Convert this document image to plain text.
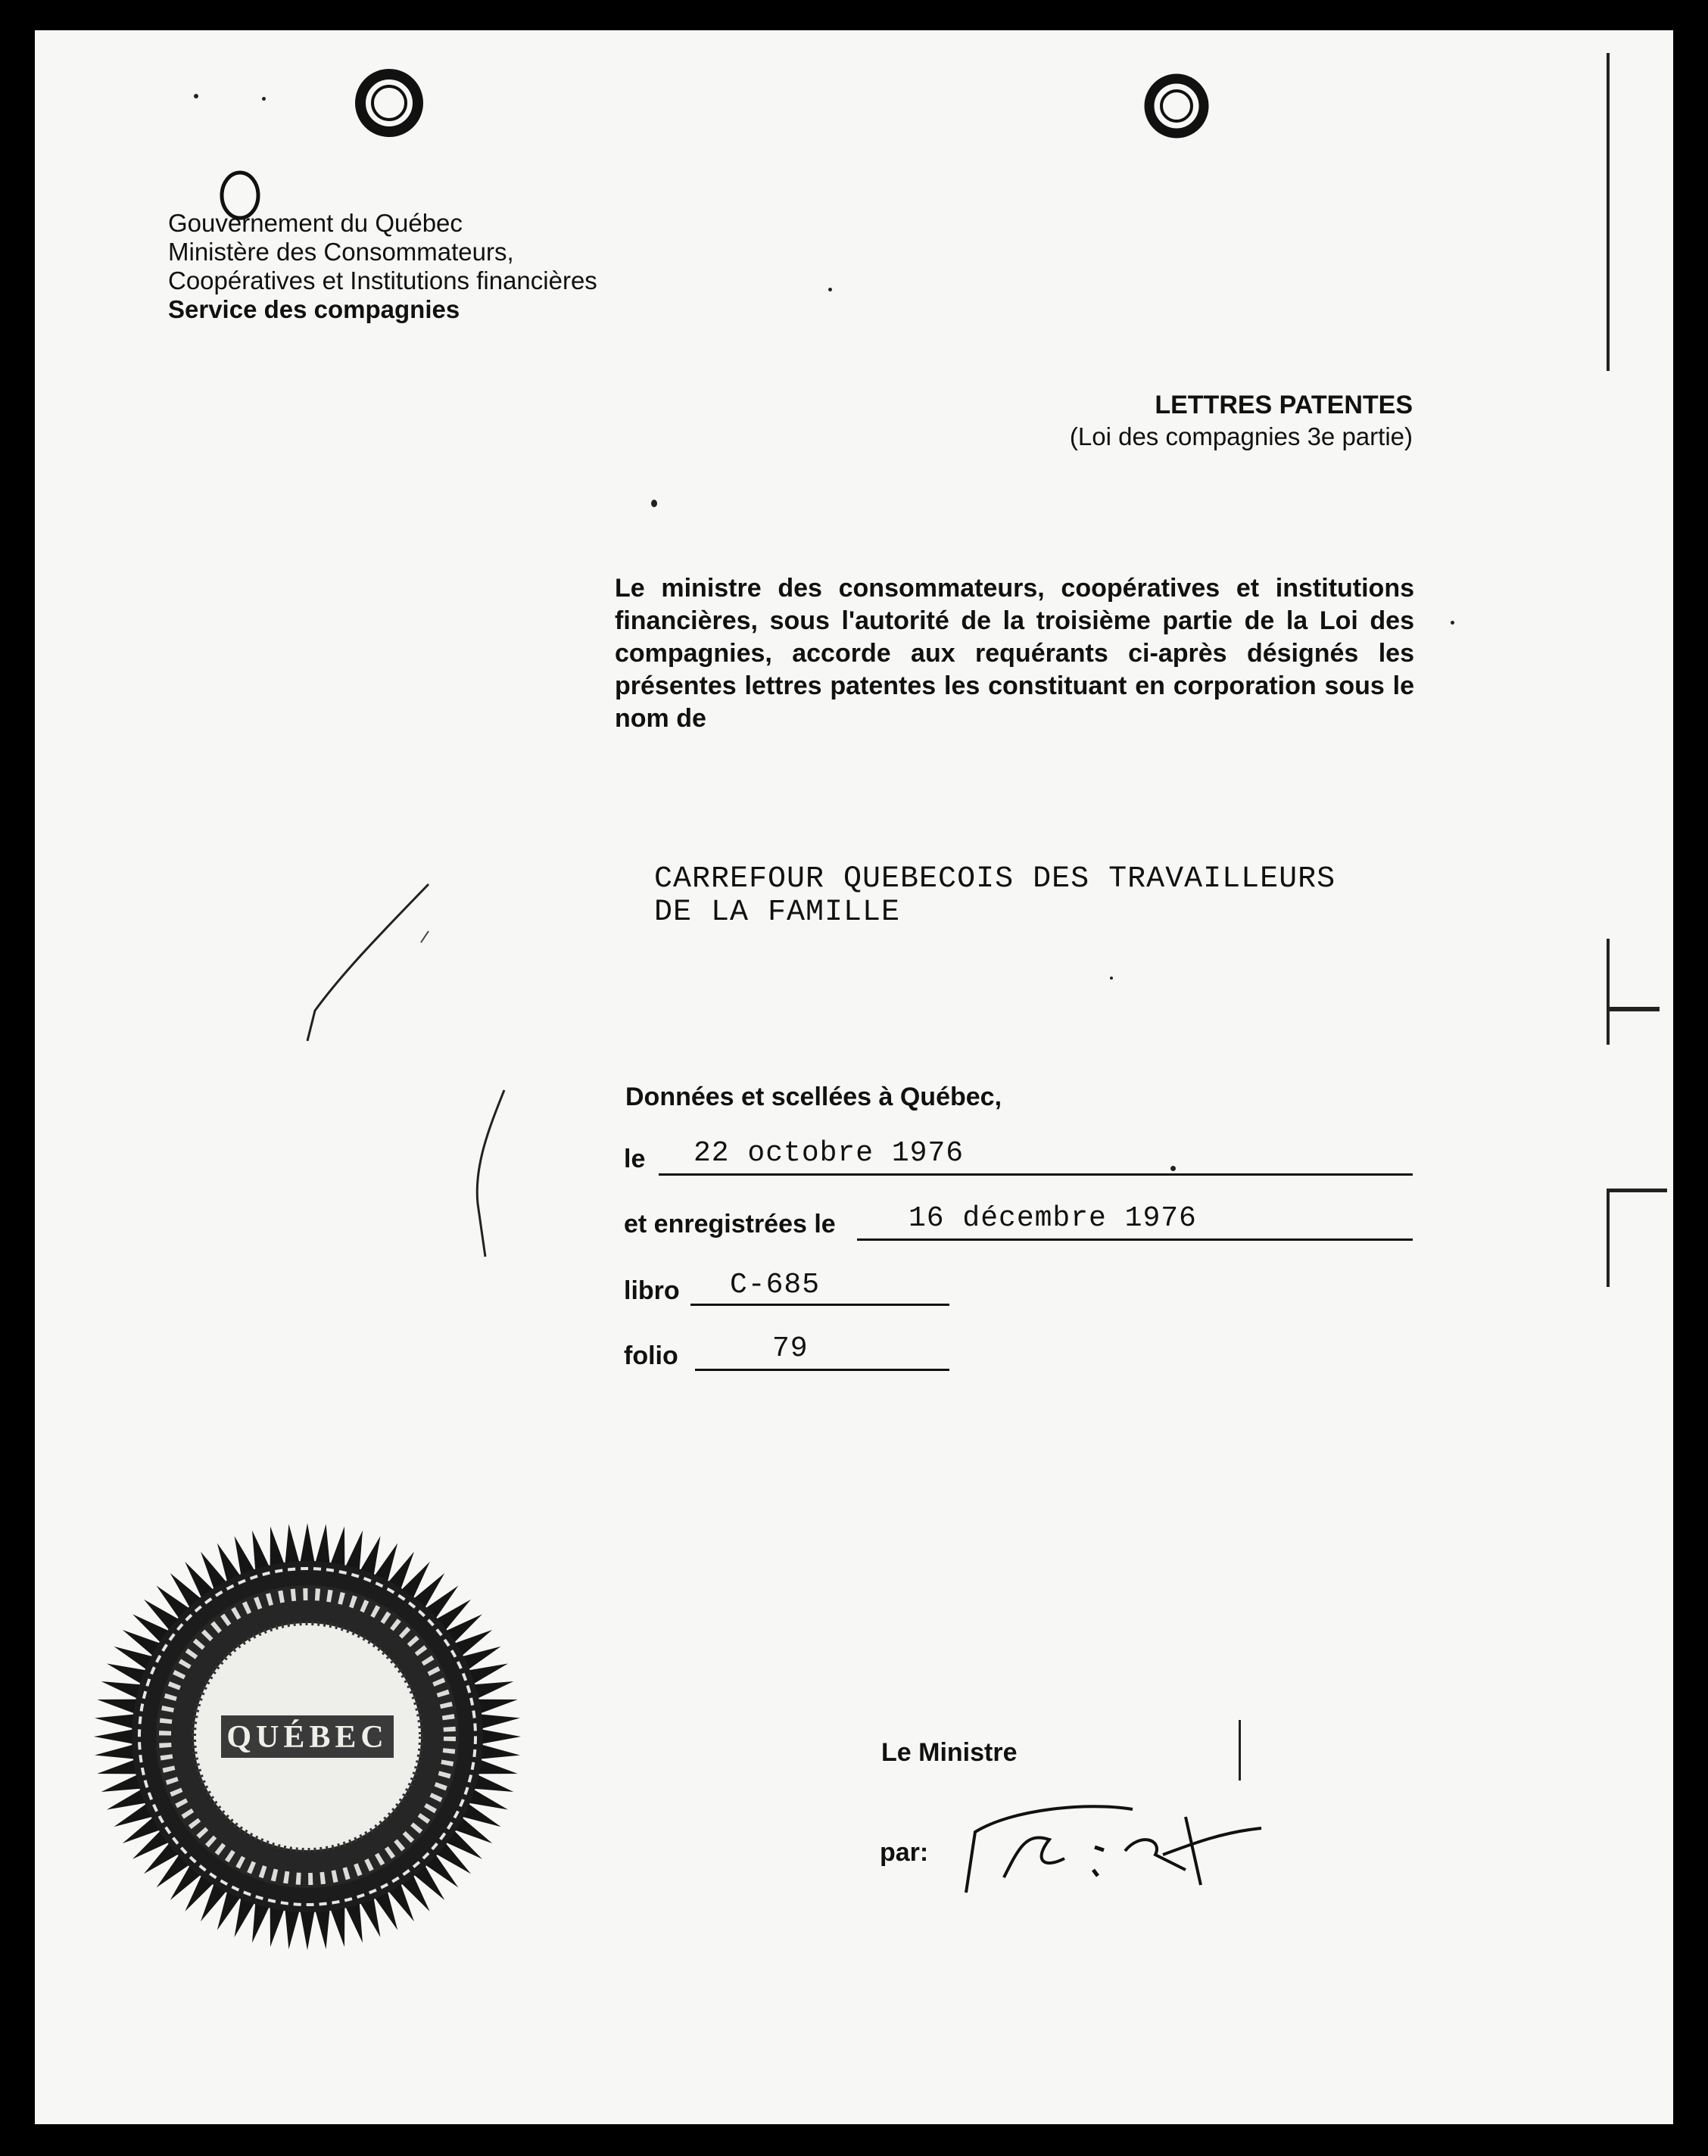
Gouvernement du Québec
Ministère des Consommateurs,
Coopératives et Institutions financières
Service des compagnies
LETTRES PATENTES
(Loi des compagnies 3e partie)
Le ministre des consommateurs, coopératives et institutions financières, sous l'autorité de la troisième partie de la Loi des compagnies, accorde aux requérants ci-après désignés les présentes lettres patentes les constituant en corporation sous le nom de
CARREFOUR QUEBECOIS DES TRAVAILLEURS
DE LA FAMILLE
Données et scellées à Québec,
le 22 octobre 1976
et enregistrées le	16 décembre 1976
libro C-685
folio	79
QUÉBEC	Le Ministre
par:
